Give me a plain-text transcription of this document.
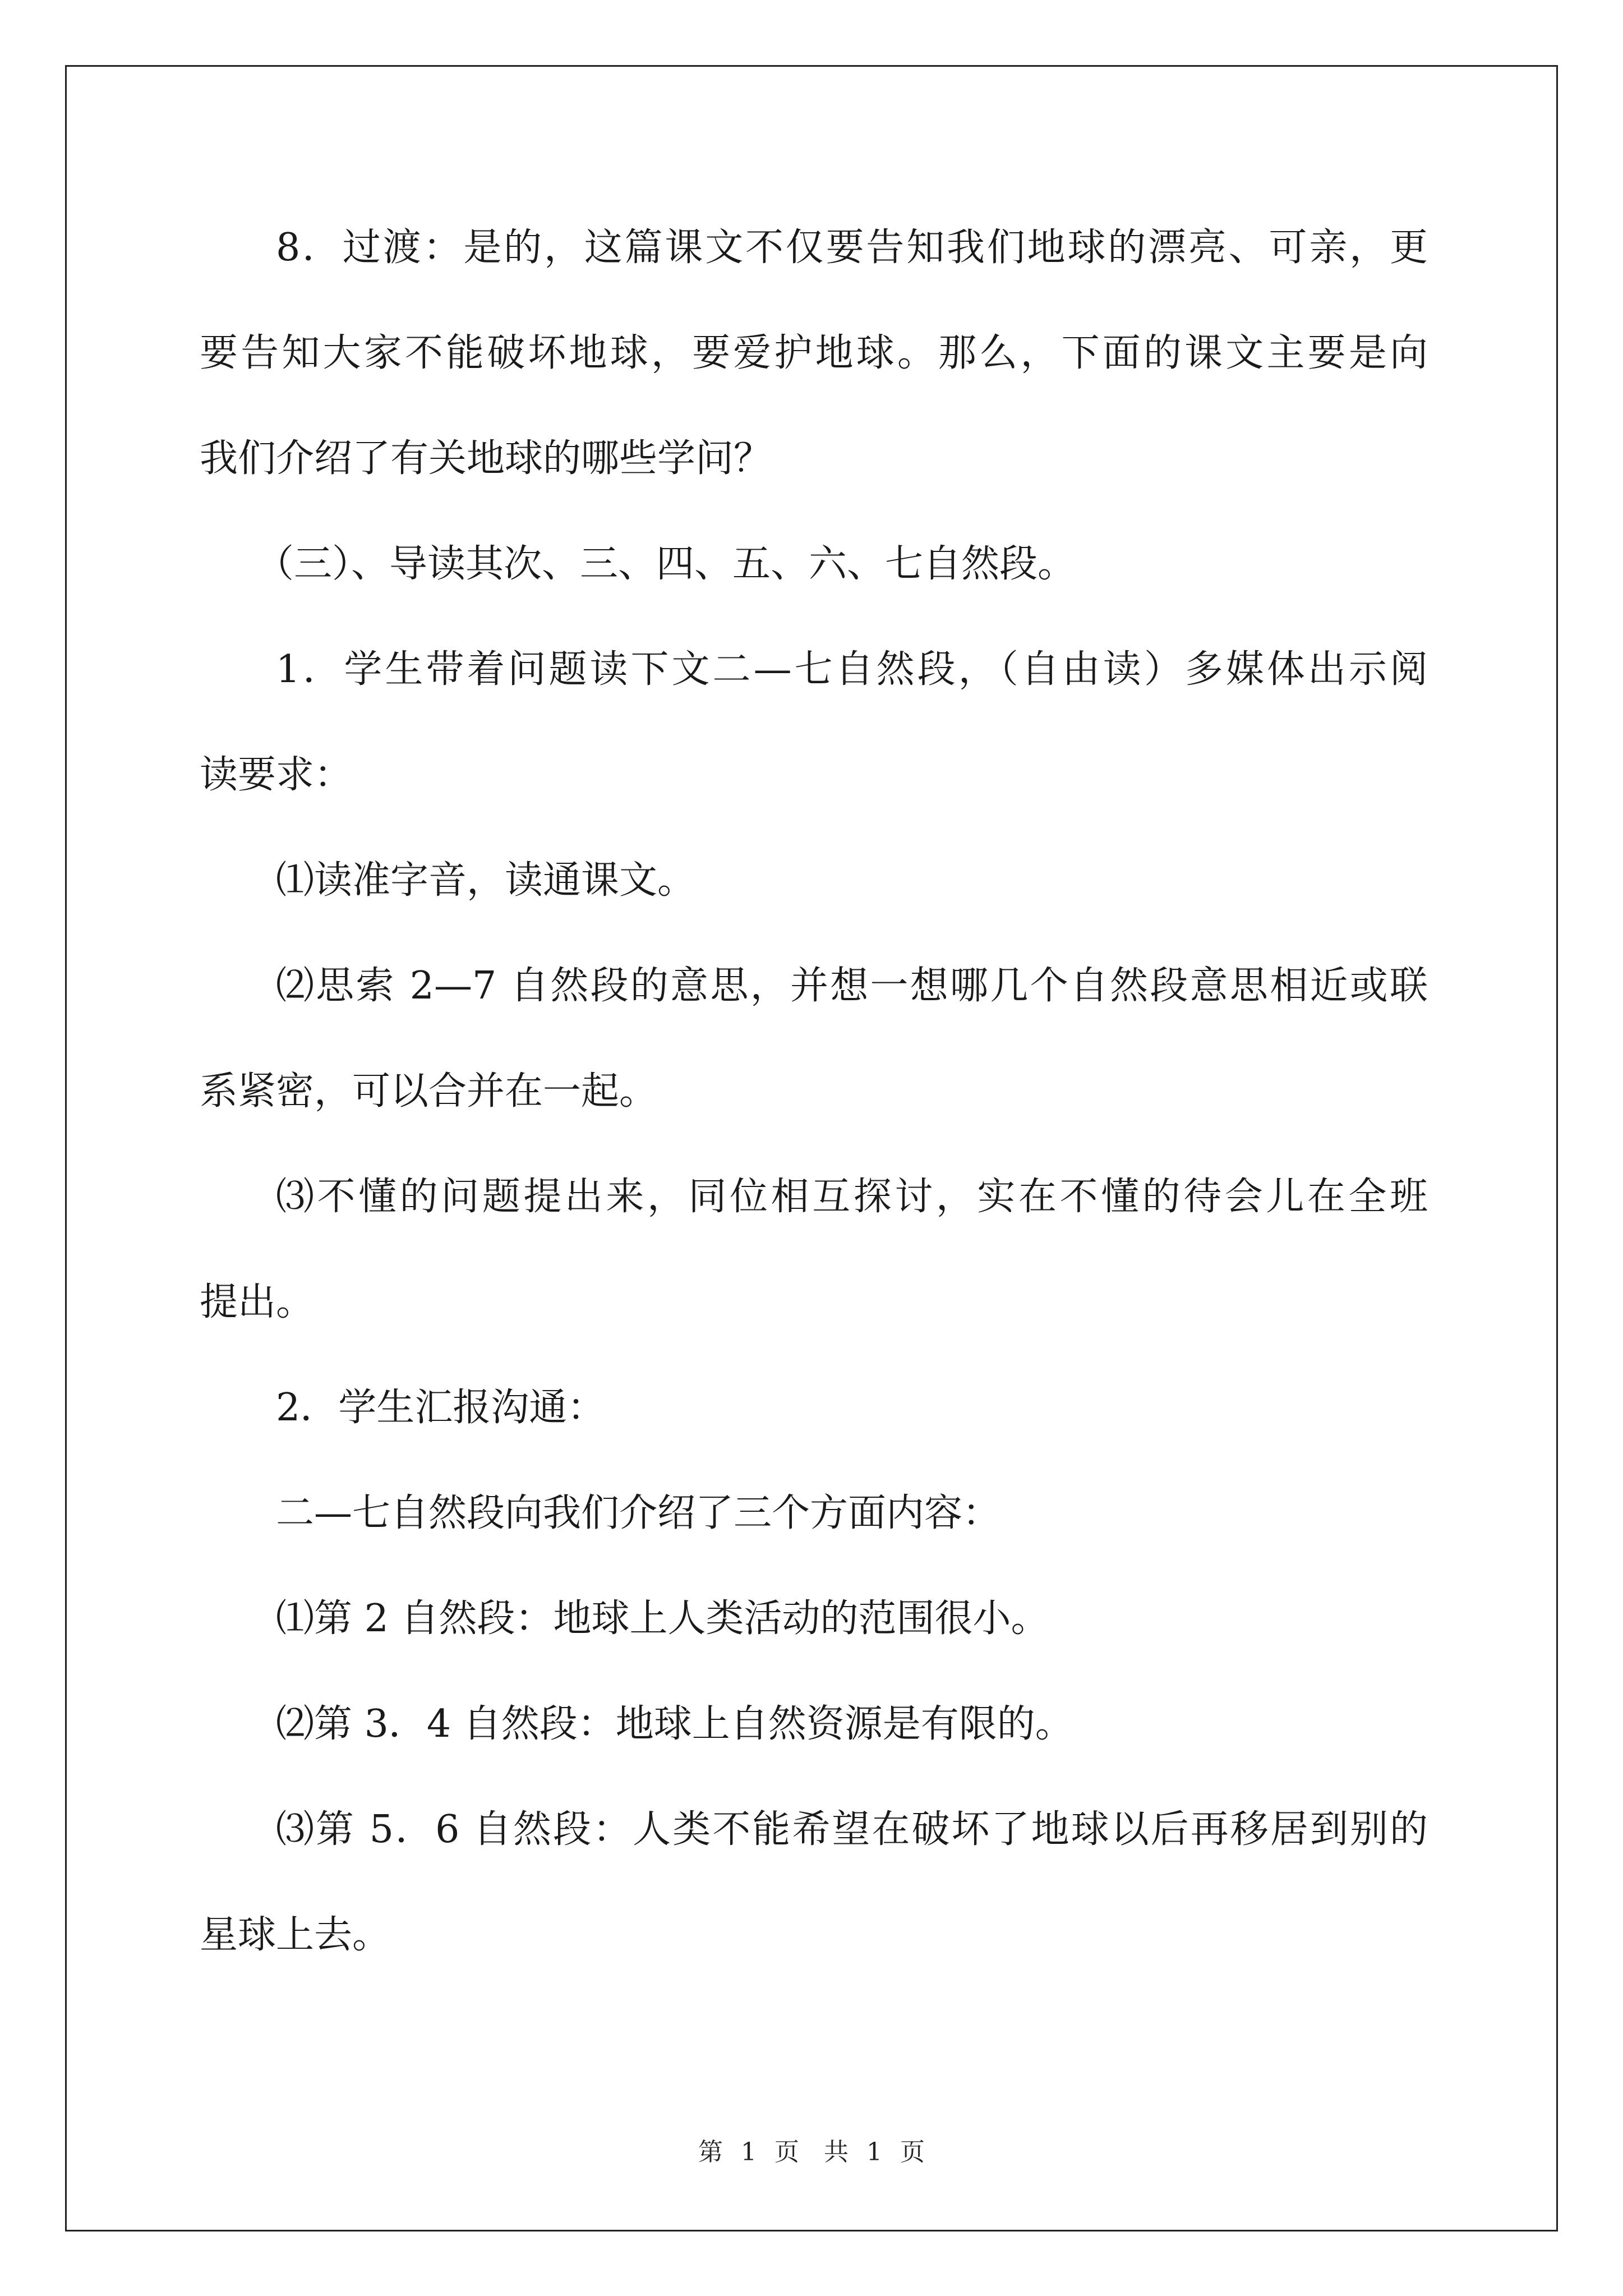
8．过渡：是的，这篇课文不仅要告知我们地球的漂亮、可亲，更
要告知大家不能破坏地球，要爱护地球。那么，下面的课文主要是向
我们介绍了有关地球的哪些学问？
（三）、导读其次、三、四、五、六、七自然段。
1．学生带着问题读下文二—七自然段，（自由读）多媒体出示阅
读要求：
⑴读准字音，读通课文。
⑵思索 2—7 自然段的意思，并想一想哪几个自然段意思相近或联
系紧密，可以合并在一起。
⑶不懂的问题提出来，同位相互探讨，实在不懂的待会儿在全班
提出。
2．学生汇报沟通：
二—七自然段向我们介绍了三个方面内容：
⑴第 2 自然段：地球上人类活动的范围很小。
⑵第 3．4 自然段：地球上自然资源是有限的。
⑶第 5．6 自然段：人类不能希望在破坏了地球以后再移居到别的
星球上去。
第 1 页　共 1 页
